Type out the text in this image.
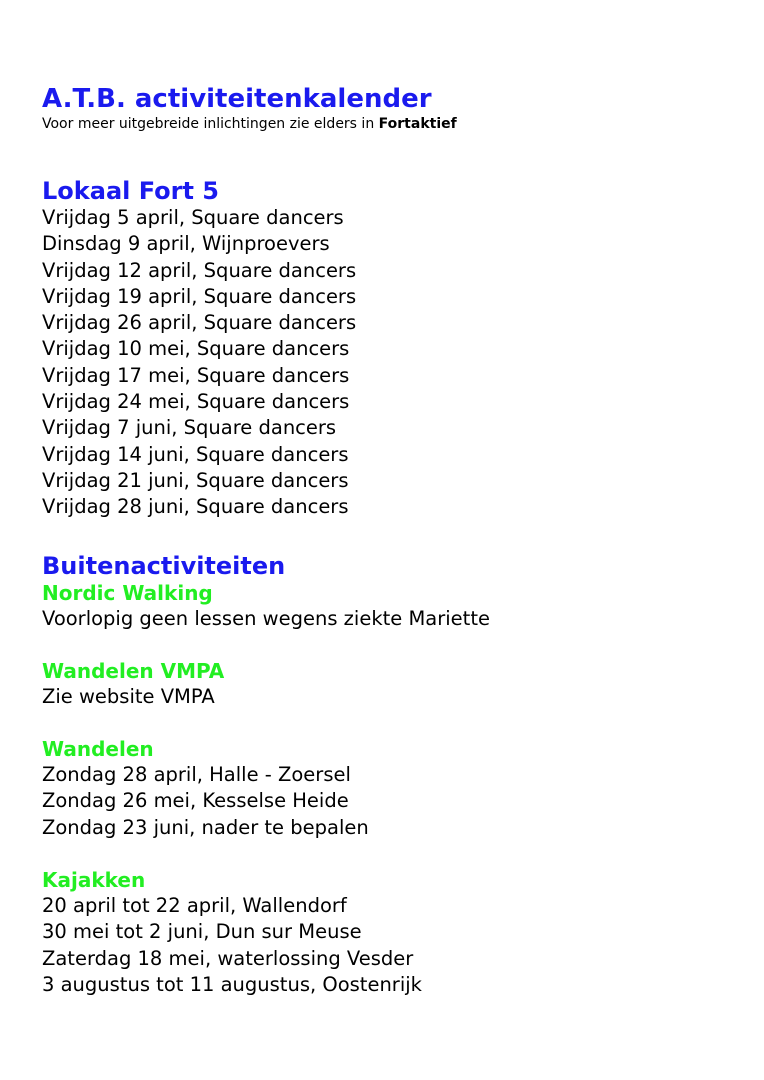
A.T.B. activiteitenkalender
Voor meer uitgebreide inlichtingen zie elders in Fortaktief
Lokaal Fort 5
Vrijdag 5 april, Square dancers
Dinsdag 9 april, Wijnproevers
Vrijdag 12 april, Square dancers
Vrijdag 19 april, Square dancers
Vrijdag 26 april, Square dancers
Vrijdag 10 mei, Square dancers
Vrijdag 17 mei, Square dancers
Vrijdag 24 mei, Square dancers
Vrijdag 7 juni, Square dancers
Vrijdag 14 juni, Square dancers
Vrijdag 21 juni, Square dancers
Vrijdag 28 juni, Square dancers
Buitenactiviteiten
Nordic Walking
Voorlopig geen lessen wegens ziekte Mariette
Wandelen VMPA
Zie website VMPA
Wandelen
Zondag 28 april, Halle - Zoersel
Zondag 26 mei, Kesselse Heide
Zondag 23 juni, nader te bepalen
Kajakken
20 april tot 22 april, Wallendorf
30 mei tot 2 juni, Dun sur Meuse
Zaterdag 18 mei, waterlossing Vesder
3 augustus tot 11 augustus, Oostenrijk
